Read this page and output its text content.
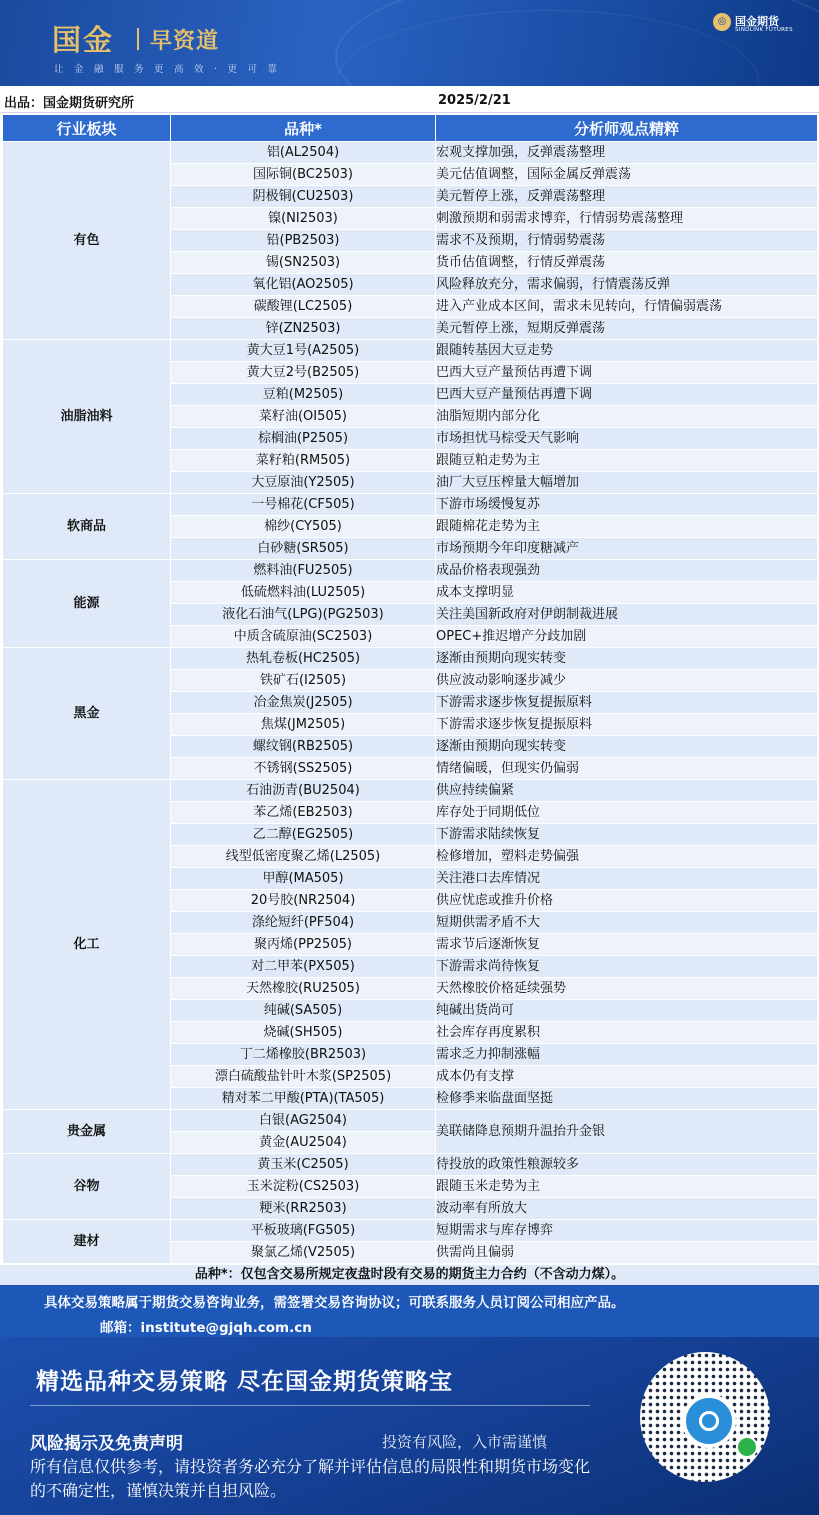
国金 早资道
让金融服务更高效·更可靠
◎ 国金期货
SINOLINK FUTURES
出品：国金期货研究所	2025/2/21
行业板块	品种*	分析师观点精粹
有色	铝(AL2504)	宏观支撑加强，反弹震荡整理
	国际铜(BC2503)	美元估值调整，国际金属反弹震荡
	阴极铜(CU2503)	美元暂停上涨，反弹震荡整理
	镍(NI2503)	刺激预期和弱需求博弈，行情弱势震荡整理
	铅(PB2503)	需求不及预期，行情弱势震荡
	锡(SN2503)	货币估值调整，行情反弹震荡
	氧化铝(AO2505)	风险释放充分，需求偏弱，行情震荡反弹
	碳酸锂(LC2505)	进入产业成本区间，需求未见转向，行情偏弱震荡
	锌(ZN2503)	美元暂停上涨，短期反弹震荡
油脂油料	黄大豆1号(A2505)	跟随转基因大豆走势
	黄大豆2号(B2505)	巴西大豆产量预估再遭下调
	豆粕(M2505)	巴西大豆产量预估再遭下调
	菜籽油(OI505)	油脂短期内部分化
	棕榈油(P2505)	市场担忧马棕受天气影响
	菜籽粕(RM505)	跟随豆粕走势为主
	大豆原油(Y2505)	油厂大豆压榨量大幅增加
软商品	一号棉花(CF505)	下游市场缓慢复苏
	棉纱(CY505)	跟随棉花走势为主
	白砂糖(SR505)	市场预期今年印度糖减产
能源	燃料油(FU2505)	成品价格表现强劲
	低硫燃料油(LU2505)	成本支撑明显
	液化石油气(LPG)(PG2503)	关注美国新政府对伊朗制裁进展
	中质含硫原油(SC2503)	OPEC+推迟增产分歧加剧
黑金	热轧卷板(HC2505)	逐渐由预期向现实转变
	铁矿石(I2505)	供应波动影响逐步减少
	冶金焦炭(J2505)	下游需求逐步恢复提振原料
	焦煤(JM2505)	下游需求逐步恢复提振原料
	螺纹钢(RB2505)	逐渐由预期向现实转变
	不锈钢(SS2505)	情绪偏暖，但现实仍偏弱
化工	石油沥青(BU2504)	供应持续偏紧
	苯乙烯(EB2503)	库存处于同期低位
	乙二醇(EG2505)	下游需求陆续恢复
	线型低密度聚乙烯(L2505)	检修增加，塑料走势偏强
	甲醇(MA505)	关注港口去库情况
	20号胶(NR2504)	供应忧虑或推升价格
	涤纶短纤(PF504)	短期供需矛盾不大
	聚丙烯(PP2505)	需求节后逐渐恢复
	对二甲苯(PX505)	下游需求尚待恢复
	天然橡胶(RU2505)	天然橡胶价格延续强势
	纯碱(SA505)	纯碱出货尚可
	烧碱(SH505)	社会库存再度累积
	丁二烯橡胶(BR2503)	需求乏力抑制涨幅
	漂白硫酸盐针叶木浆(SP2505)	成本仍有支撑
	精对苯二甲酸(PTA)(TA505)	检修季来临盘面坚挺
贵金属	白银(AG2504)	美联储降息预期升温抬升金银
	黄金(AU2504)	
谷物	黄玉米(C2505)	待投放的政策性粮源较多
	玉米淀粉(CS2503)	跟随玉米走势为主
	粳米(RR2503)	波动率有所放大
建材	平板玻璃(FG505)	短期需求与库存博弈
	聚氯乙烯(V2505)	供需尚且偏弱
品种*：仅包含交易所规定夜盘时段有交易的期货主力合约（不含动力煤）。
具体交易策略属于期货交易咨询业务，需签署交易咨询协议；可联系服务人员订阅公司相应产品。
邮箱：institute@gjqh.com.cn
精选品种交易策略 尽在国金期货策略宝
风险揭示及免责声明	投资有风险，入市需谨慎
所有信息仅供参考，请投资者务必充分了解并评估信息的局限性和期货市场变化的不确定性，谨慎决策并自担风险。
